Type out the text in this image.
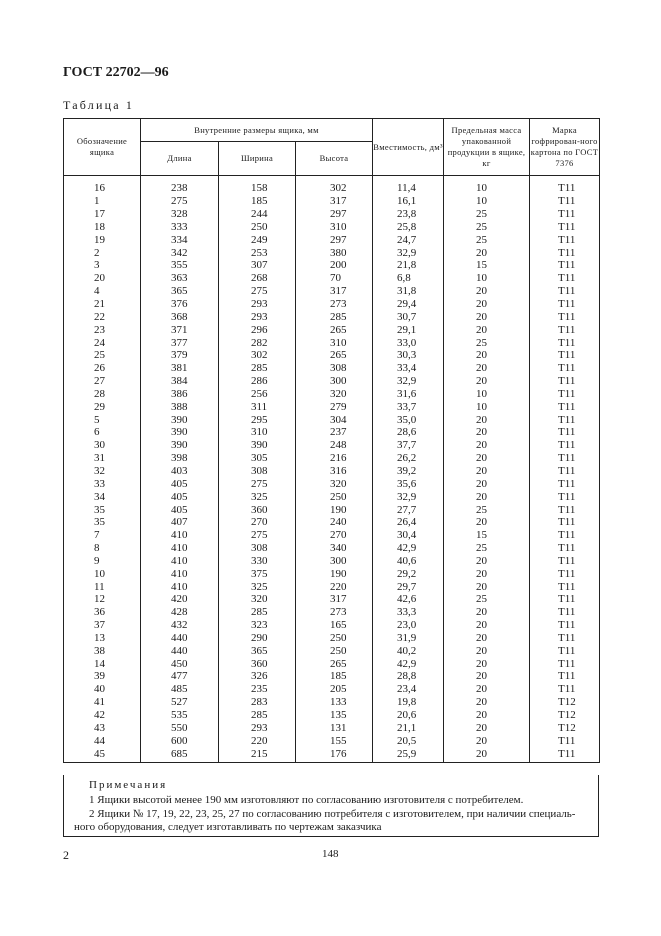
ГОСТ 22702—96
Таблица 1
Обозначение ящика	Внутренние размеры ящика, мм			Вместимость, дм³	Предельная масса упакованной продукции в ящике, кг	Марка гофрирован-ного картона по ГОСТ 7376
	Длина	Ширина	Высота			

16	238	158	302	11,4	10	T11
1	275	185	317	16,1	10	T11
17	328	244	297	23,8	25	T11
18	333	250	310	25,8	25	T11
19	334	249	297	24,7	25	T11
2	342	253	380	32,9	20	T11
3	355	307	200	21,8	15	T11
20	363	268	70	6,8	10	T11
4	365	275	317	31,8	20	T11
21	376	293	273	29,4	20	T11
22	368	293	285	30,7	20	T11
23	371	296	265	29,1	20	T11
24	377	282	310	33,0	25	T11
25	379	302	265	30,3	20	T11
26	381	285	308	33,4	20	T11
27	384	286	300	32,9	20	T11
28	386	256	320	31,6	10	T11
29	388	311	279	33,7	10	T11
5	390	295	304	35,0	20	T11
6	390	310	237	28,6	20	T11
30	390	390	248	37,7	20	T11
31	398	305	216	26,2	20	T11
32	403	308	316	39,2	20	T11
33	405	275	320	35,6	20	T11
34	405	325	250	32,9	20	T11
35	405	360	190	27,7	25	T11
35	407	270	240	26,4	20	T11
7	410	275	270	30,4	15	T11
8	410	308	340	42,9	25	T11
9	410	330	300	40,6	20	T11
10	410	375	190	29,2	20	T11
11	410	325	220	29,7	20	T11
12	420	320	317	42,6	25	T11
36	428	285	273	33,3	20	T11
37	432	323	165	23,0	20	T11
13	440	290	250	31,9	20	T11
38	440	365	250	40,2	20	T11
14	450	360	265	42,9	20	T11
39	477	326	185	28,8	20	T11
40	485	235	205	23,4	20	T11
41	527	283	133	19,8	20	T12
42	535	285	135	20,6	20	T12
43	550	293	131	21,1	20	T12
44	600	220	155	20,5	20	T11
45	685	215	176	25,9	20	T11
Примечания
1 Ящики высотой менее 190 мм изготовляют по согласованию изготовителя с потребителем.
2 Ящики № 17, 19, 22, 23, 25, 27 по согласованию потребителя с изготовителем, при наличии специаль-
ного оборудования, следует изготавливать по чертежам заказчика
2	148
